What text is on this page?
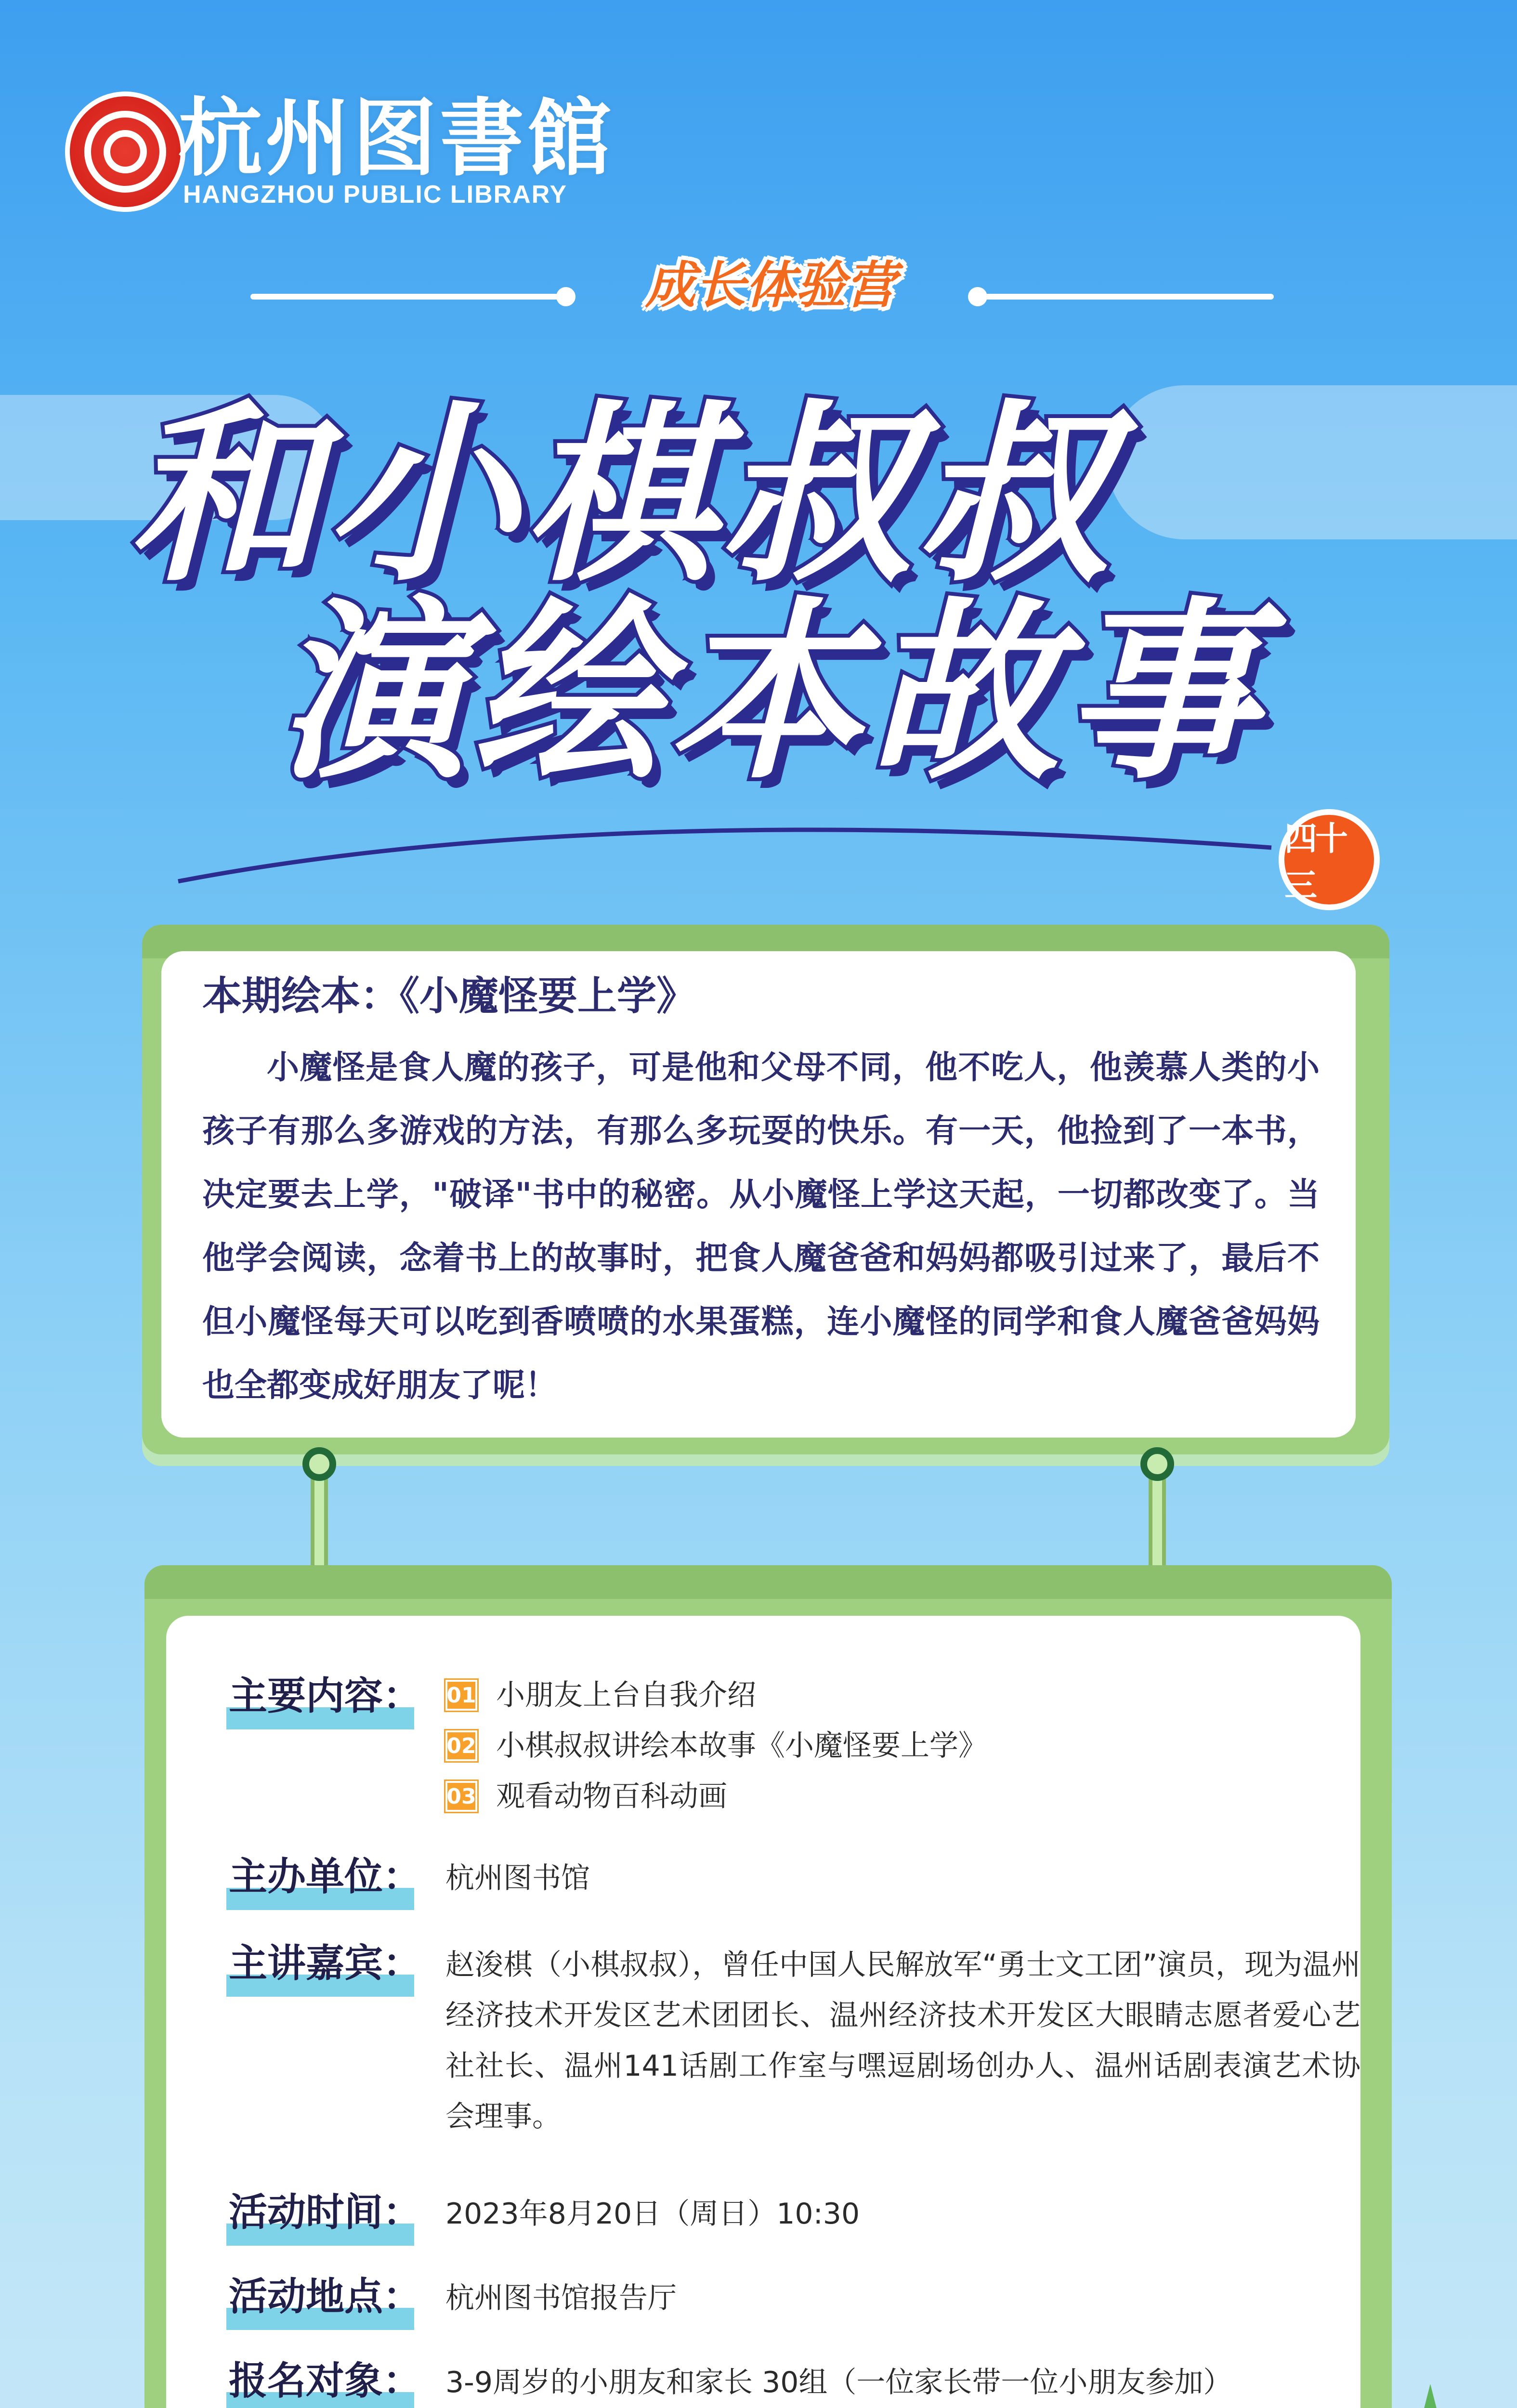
杭州图書館
HANGZHOU PUBLIC LIBRARY
成长体验营
和小棋叔叔
演绘本故事
四十三
本期绘本：《小魔怪要上学》
小魔怪是食人魔的孩子，可是他和父母不同，他不吃人，他羡慕人类的小孩子有那么多游戏的方法，有那么多玩耍的快乐。有一天，他捡到了一本书，决定要去上学，"破译"书中的秘密。从小魔怪上学这天起，一切都改变了。当他学会阅读，念着书上的故事时，把食人魔爸爸和妈妈都吸引过来了，最后不但小魔怪每天可以吃到香喷喷的水果蛋糕，连小魔怪的同学和食人魔爸爸妈妈也全都变成好朋友了呢！
主要内容： 01 小朋友上台自我介绍
02 小棋叔叔讲绘本故事《小魔怪要上学》
03 观看动物百科动画
主办单位： 杭州图书馆
主讲嘉宾： 赵浚棋（小棋叔叔），曾任中国人民解放军“勇士文工团”演员，现为温州经济技术开发区艺术团团长、温州经济技术开发区大眼睛志愿者爱心艺社社长、温州141话剧工作室与嘿逗剧场创办人、温州话剧表演艺术协会理事。
活动时间： 2023年8月20日（周日）10:30
活动地点： 杭州图书馆报告厅
报名对象： 3-9周岁的小朋友和家长 30组（一位家长带一位小朋友参加）
